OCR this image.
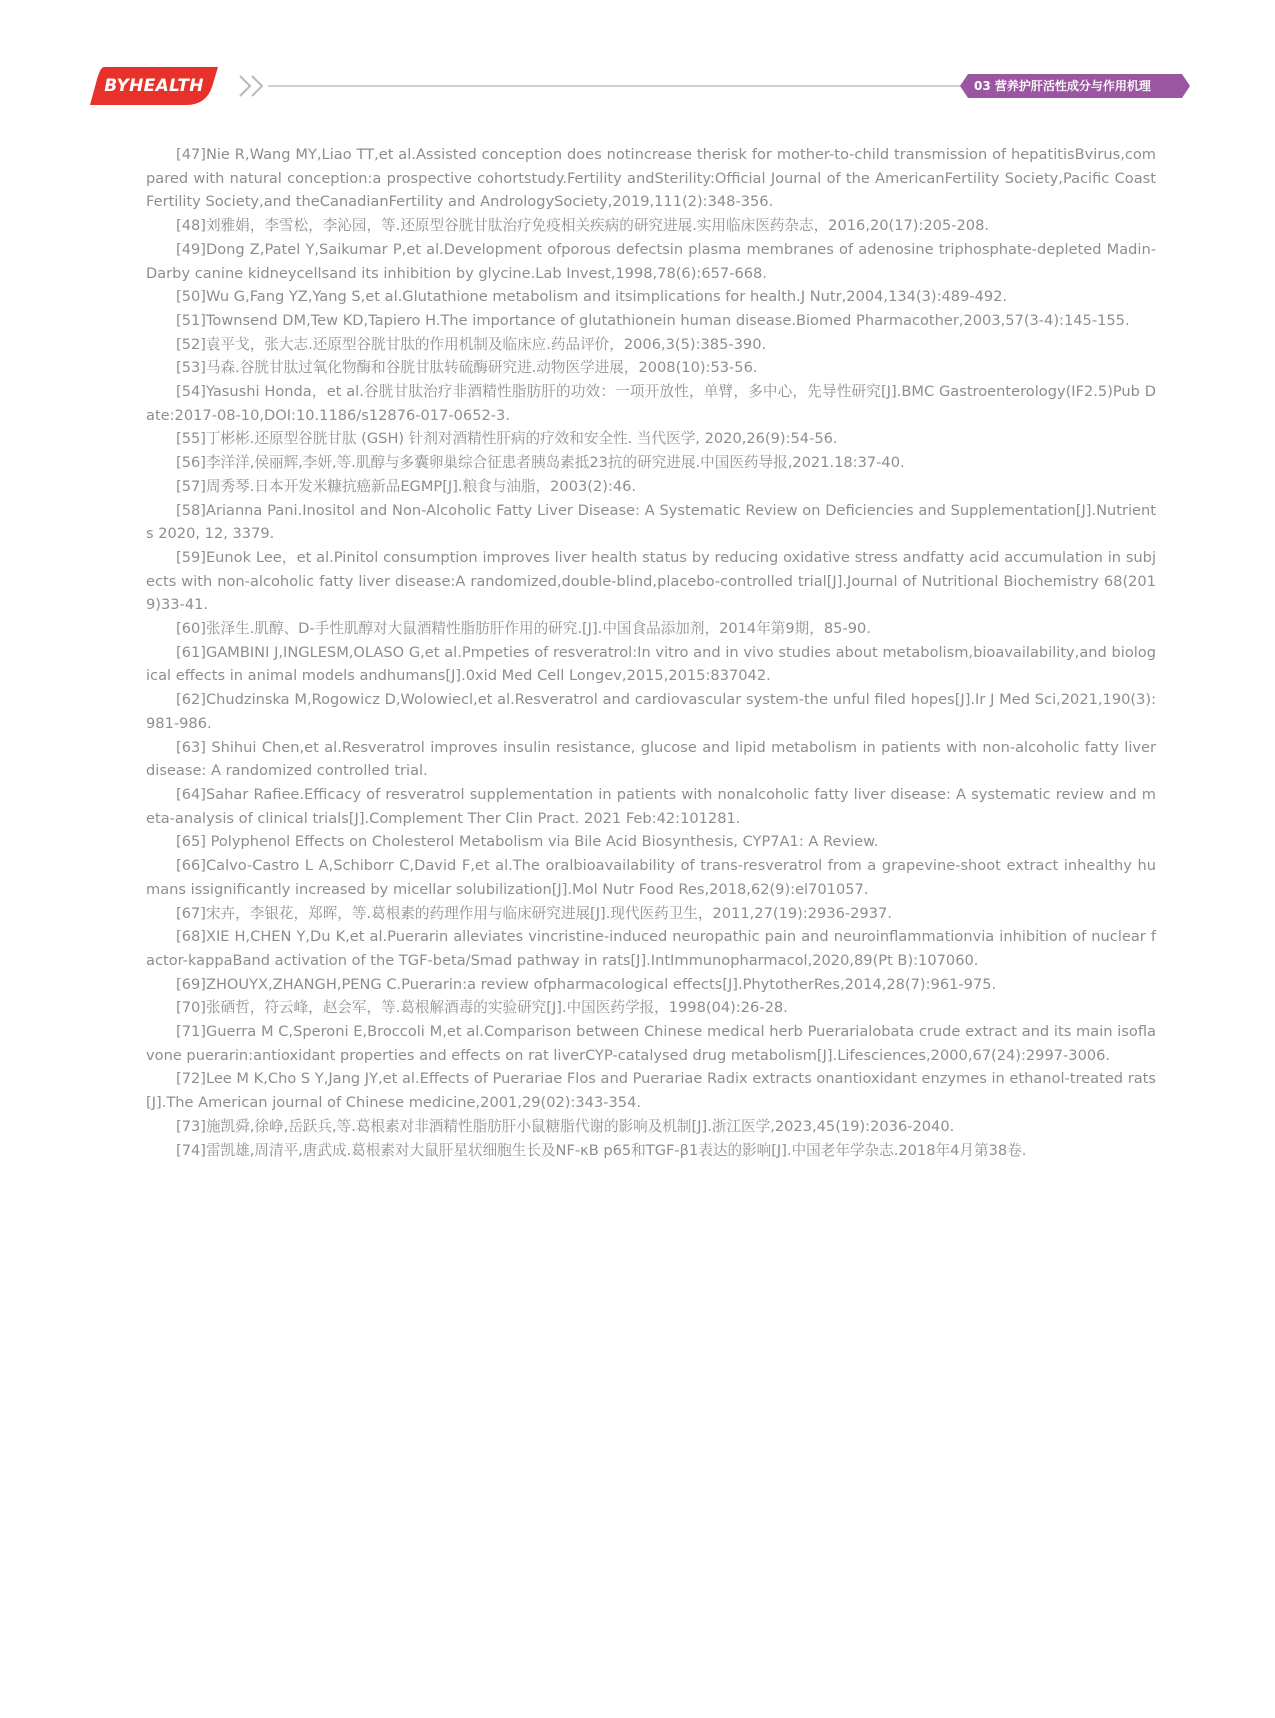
BYHEALTH	03 营养护肝活性成分与作用机理

[47]Nie R,Wang MY,Liao TT,et al.Assisted conception does notincrease therisk for mother-to-child transmission of hepatitisBvirus,compared with natural conception:a prospective cohortstudy.Fertility andSterility:Official Journal of the AmericanFertility Society,Pacific Coast Fertility Society,and theCanadianFertility and AndrologySociety,2019,111(2):348-356.

[48]刘雅娟，李雪松，李沁园，等.还原型谷胱甘肽治疗免疫相关疾病的研究进展.实用临床医药杂志，2016,20(17):205-208.

[49]Dong Z,Patel Y,Saikumar P,et al.Development ofporous defectsin plasma membranes of adenosine triphosphate-depleted Madin-Darby canine kidneycellsand its inhibition by glycine.Lab Invest,1998,78(6):657-668.

[50]Wu G,Fang YZ,Yang S,et al.Glutathione metabolism and itsimplications for health.J Nutr,2004,134(3):489-492.

[51]Townsend DM,Tew KD,Tapiero H.The importance of glutathionein human disease.Biomed Pharmacother,2003,57(3-4):145-155.

[52]袁平戈，张大志.还原型谷胱甘肽的作用机制及临床应.药品评价，2006,3(5):385-390.

[53]马森.谷胱甘肽过氧化物酶和谷胱甘肽转硫酶研究进.动物医学进展，2008(10):53-56.

[54]Yasushi Honda，et al.谷胱甘肽治疗非酒精性脂肪肝的功效：一项开放性，单臂，多中心，先导性研究[J].BMC Gastroenterology(IF2.5)Pub Date:2017-08-10,DOI:10.1186/s12876-017-0652-3.

[55]丁彬彬.还原型谷胱甘肽 (GSH) 针剂对酒精性肝病的疗效和安全性. 当代医学, 2020,26(9):54-56.

[56]李洋洋,侯丽辉,李妍,等.肌醇与多囊卵巢综合征患者胰岛素抵23抗的研究进展.中国医药导报,2021.18:37-40.

[57]周秀琴.日本开发米糠抗癌新品EGMP[J].粮食与油脂，2003(2):46.

[58]Arianna Pani.Inositol and Non-Alcoholic Fatty Liver Disease: A Systematic Review on Deficiencies and Supplementation[J].Nutrients 2020, 12, 3379.

[59]Eunok Lee，et al.Pinitol consumption improves liver health status by reducing oxidative stress andfatty acid accumulation in subjects with non-alcoholic fatty liver disease:A randomized,double-blind,placebo-controlled trial[J].Journal of Nutritional Biochemistry 68(2019)33-41.

[60]张泽生.肌醇、D-手性肌醇对大鼠酒精性脂肪肝作用的研究.[J].中国食品添加剂，2014年第9期，85-90.

[61]GAMBINI J,INGLESM,OLASO G,et al.Pmpeties of resveratrol:In vitro and in vivo studies about metabolism,bioavailability,and biological effects in animal models andhumans[J].0xid Med Cell Longev,2015,2015:837042.

[62]Chudzinska M,Rogowicz D,Wolowiecl,et al.Resveratrol and cardiovascular system-the unful filed hopes[J].Ir J Med Sci,2021,190(3):981-986.

[63] Shihui Chen,et al.Resveratrol improves insulin resistance, glucose and lipid metabolism in patients with non-alcoholic fatty liver disease: A randomized controlled trial.

[64]Sahar Rafiee.Efficacy of resveratrol supplementation in patients with nonalcoholic fatty liver disease: A systematic review and meta-analysis of clinical trials[J].Complement Ther Clin Pract. 2021 Feb:42:101281.

[65] Polyphenol Effects on Cholesterol Metabolism via Bile Acid Biosynthesis, CYP7A1: A Review.

[66]Calvo-Castro L A,Schiborr C,David F,et al.The oralbioavailability of trans-resveratrol from a grapevine-shoot extract inhealthy humans issignificantly increased by micellar solubilization[J].Mol Nutr Food Res,2018,62(9):el701057.

[67]宋卉，李银花，郑晖，等.葛根素的药理作用与临床研究进展[J].现代医药卫生，2011,27(19):2936-2937.

[68]XIE H,CHEN Y,Du K,et al.Puerarin alleviates vincristine-induced neuropathic pain and neuroinflammationvia inhibition of nuclear factor-kappaBand activation of the TGF-beta/Smad pathway in rats[J].IntImmunopharmacol,2020,89(Pt B):107060.

[69]ZHOUYX,ZHANGH,PENG C.Puerarin:a review ofpharmacological effects[J].PhytotherRes,2014,28(7):961-975.

[70]张硒哲，符云峰，赵会军，等.葛根解酒毒的实验研究[J].中国医药学报，1998(04):26-28.

[71]Guerra M C,Speroni E,Broccoli M,et al.Comparison between Chinese medical herb Puerarialobata crude extract and its main isoflavone puerarin:antioxidant properties and effects on rat liverCYP-catalysed drug metabolism[J].Lifesciences,2000,67(24):2997-3006.

[72]Lee M K,Cho S Y,Jang JY,et al.Effects of Puerariae Flos and Puerariae Radix extracts onantioxidant enzymes in ethanol-treated rats[J].The American journal of Chinese medicine,2001,29(02):343-354.

[73]施凯舜,徐峥,岳跃兵,等.葛根素对非酒精性脂肪肝小鼠糖脂代谢的影响及机制[J].浙江医学,2023,45(19):2036-2040.

[74]雷凯雄,周清平,唐武成.葛根素对大鼠肝星状细胞生长及NF-κB p65和TGF-β1表达的影响[J].中国老年学杂志.2018年4月第38卷.
